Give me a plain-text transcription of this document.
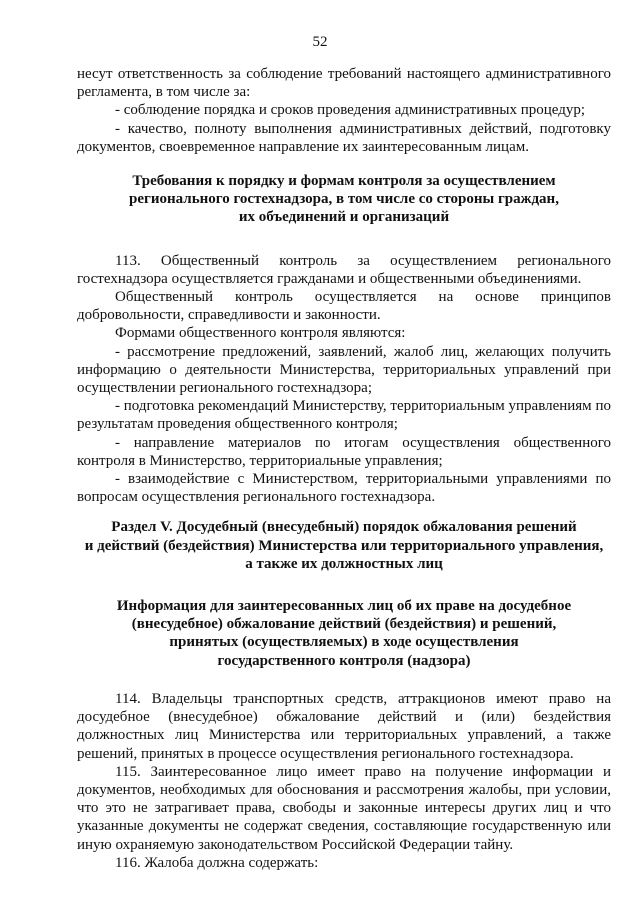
52

несут ответственность за соблюдение требований настоящего административного регламента, в том числе за:

- соблюдение порядка и сроков проведения административных процедур;

- качество, полноту выполнения административных действий, подготовку документов, своевременное направление их заинтересованным лицам.

Требования к порядку и формам контроля за осуществлением

регионального гостехнадзора, в том числе со стороны граждан,

их объединений и организаций

113. Общественный контроль за осуществлением регионального гостехнадзора осуществляется гражданами и общественными объединениями.

Общественный контроль осуществляется на основе принципов добровольности, справедливости и законности.

Формами общественного контроля являются:

- рассмотрение предложений, заявлений, жалоб лиц, желающих получить информацию о деятельности Министерства, территориальных управлений при осуществлении регионального гостехнадзора;

- подготовка рекомендаций Министерству, территориальным управлениям по результатам проведения общественного контроля;

- направление материалов по итогам осуществления общественного контроля в Министерство, территориальные управления;

- взаимодействие с Министерством, территориальными управлениями по вопросам осуществления регионального гостехнадзора.

Раздел V. Досудебный (внесудебный) порядок обжалования решений

и действий (бездействия) Министерства или территориального управления,

а также их должностных лиц

Информация для заинтересованных лиц об их праве на досудебное

(внесудебное) обжалование действий (бездействия) и решений,

принятых (осуществляемых) в ходе осуществления

государственного контроля (надзора)

114. Владельцы транспортных средств, аттракционов имеют право на досудебное (внесудебное) обжалование действий и (или) бездействия должностных лиц Министерства или территориальных управлений, а также решений, принятых в процессе осуществления регионального гостехнадзора.

115. Заинтересованное лицо имеет право на получение информации и документов, необходимых для обоснования и рассмотрения жалобы, при условии, что это не затрагивает права, свободы и законные интересы других лиц и что указанные документы не содержат сведения, составляющие государственную или иную охраняемую законодательством Российской Федерации тайну.

116. Жалоба должна содержать:
